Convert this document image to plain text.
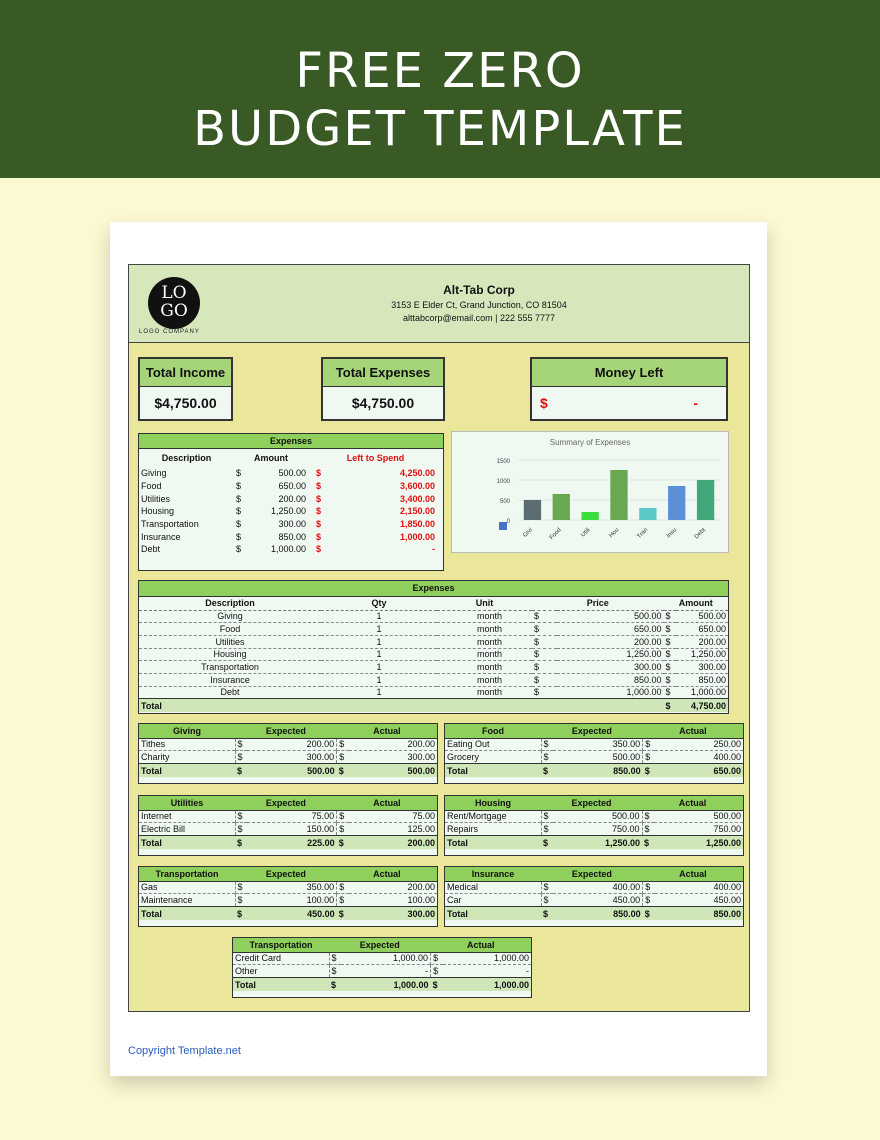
FREE ZERO
BUDGET TEMPLATE
LO
GO
LOGO COMPANY
Alt-Tab Corp
3153 E Elder Ct, Grand Junction, CO 81504
alttabcorp@email.com | 222 555 7777
Total Income
$4,750.00
Total Expenses
$4,750.00
Money Left
$	-
Expenses
Description	Amount		Left to Spend	
Giving	$	500.00	$	4,250.00
Food	$	650.00	$	3,600.00
Utilities	$	200.00	$	3,400.00
Housing	$	1,250.00	$	2,150.00
Transportation	$	300.00	$	1,850.00
Insurance	$	850.00	$	1,000.00
Debt	$	1,000.00	$	-
Summary of Expenses
1500
1000
500
0
Givi Food	Utili	Hou	Tran	Insu	Debt
Expenses
Description	Qty	Unit	Price		Amount	
Giving	1	month	$	500.00	$	500.00
Food	1	month	$	650.00	$	650.00
Utilities	1	month	$	200.00	$	200.00
Housing	1	month	$	1,250.00	$	1,250.00
Transportation	1	month	$	300.00	$	300.00
Insurance	1	month	$	850.00	$	850.00
Debt	1	month	$	1,000.00	$	1,000.00
Total					$	4,750.00
Giving	Expected		Actual	
Tithes	$	200.00	$	200.00
Charity	$	300.00	$	300.00
Total	$	500.00	$	500.00
Food	Expected		Actual	
Eating Out	$	350.00	$	250.00
Grocery	$	500.00	$	400.00
Total	$	850.00	$	650.00
Utilities	Expected		Actual	
Internet	$	75.00	$	75.00
Electric Bill	$	150.00	$	125.00
Total	$	225.00	$	200.00
Housing	Expected		Actual	
Rent/Mortgage	$	500.00	$	500.00
Repairs	$	750.00	$	750.00
Total	$	1,250.00	$	1,250.00
Transportation	Expected		Actual	
Gas	$	350.00	$	200.00
Maintenance	$	100.00	$	100.00
Total	$	450.00	$	300.00
Insurance	Expected		Actual	
Medical	$	400.00	$	400.00
Car	$	450.00	$	450.00
Total	$	850.00	$	850.00
Transportation	Expected		Actual	
Credit Card	$	1,000.00	$	1,000.00
Other	$	-	$	-
Total	$	1,000.00	$	1,000.00
Copyright Template.net
